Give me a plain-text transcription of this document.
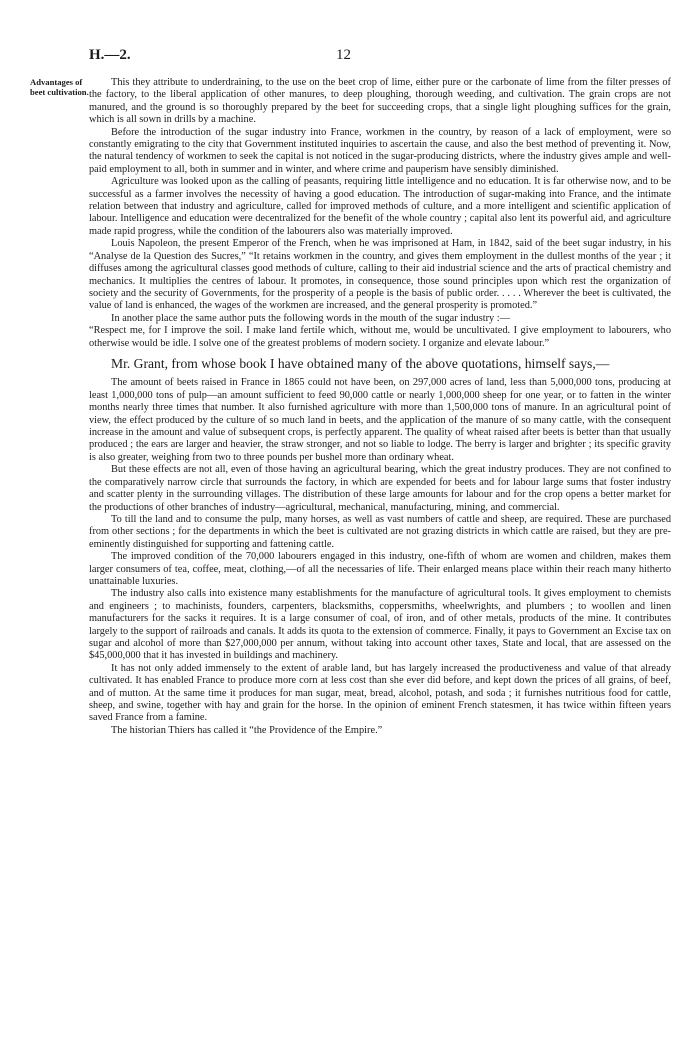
H.—2.	12
Advantages of
beet cultivation.

This they attribute to underdraining, to the use on the beet crop of lime, either pure or the carbonate of lime from the filter presses of the factory, to the liberal application of other manures, to deep ploughing, thorough weeding, and cultivation. The grain crops are not manured, and the ground is so thoroughly prepared by the beet for succeeding crops, that a single light ploughing suffices for the grain, which is all sown in drills by a machine.

Before the introduction of the sugar industry into France, workmen in the country, by reason of a lack of employment, were so constantly emigrating to the city that Government instituted inquiries to ascertain the cause, and also the best method of preventing it. Now, the natural tendency of workmen to seek the capital is not noticed in the sugar-producing districts, where the industry gives ample and well-paid employment to all, both in summer and in winter, and where crime and pauperism have sensibly diminished.

Agriculture was looked upon as the calling of peasants, requiring little intelligence and no education. It is far otherwise now, and to be successful as a farmer involves the necessity of having a good education. The introduction of sugar-making into France, and the intimate relation between that industry and agriculture, called for improved methods of culture, and a more intelligent and scientific application of labour. Intelligence and education were decentralized for the benefit of the whole country ; capital also lent its powerful aid, and agriculture made rapid progress, while the condition of the labourers also was materially improved.

Louis Napoleon, the present Emperor of the French, when he was imprisoned at Ham, in 1842, said of the beet sugar industry, in his “Analyse de la Question des Sucres,” “It retains workmen in the country, and gives them employment in the dullest months of the year ; it diffuses among the agricultural classes good methods of culture, calling to their aid industrial science and the arts of practical chemistry and mechanics. It multiplies the centres of labour. It promotes, in consequence, those sound principles upon which rest the organization of society and the security of Governments, for the prosperity of a people is the basis of public order. . . . . Wherever the beet is cultivated, the value of land is enhanced, the wages of the workmen are increased, and the general prosperity is promoted.”

In another place the same author puts the following words in the mouth of the sugar industry :—

“Respect me, for I improve the soil. I make land fertile which, without me, would be uncultivated. I give employment to labourers, who otherwise would be idle. I solve one of the greatest problems of modern society. I organize and elevate labour.”

Mr. Grant, from whose book I have obtained many of the above quotations, himself says,—

The amount of beets raised in France in 1865 could not have been, on 297,000 acres of land, less than 5,000,000 tons, producing at least 1,000,000 tons of pulp—an amount sufficient to feed 90,000 cattle or nearly 1,000,000 sheep for one year, or to fatten in the winter months nearly three times that number. It also furnished agriculture with more than 1,500,000 tons of manure. In an agricultural point of view, the effect produced by the culture of so much land in beets, and the application of the manure of so many cattle, with the consequent increase in the amount and value of subsequent crops, is perfectly apparent. The quality of wheat raised after beets is better than that usually produced ; the ears are larger and heavier, the straw stronger, and not so liable to lodge. The berry is larger and brighter ; its specific gravity is also greater, weighing from two to three pounds per bushel more than ordinary wheat.

But these effects are not all, even of those having an agricultural bearing, which the great industry produces. They are not confined to the comparatively narrow circle that surrounds the factory, in which are expended for beets and for labour large sums that foster industry and scatter plenty in the surrounding villages. The distribution of these large amounts for labour and for the crop opens a better market for the productions of other branches of industry—agricultural, mechanical, manufacturing, mining, and commercial.

To till the land and to consume the pulp, many horses, as well as vast numbers of cattle and sheep, are required. These are purchased from other sections ; for the departments in which the beet is cultivated are not grazing districts in which cattle are raised, but they are pre-eminently distinguished for supporting and fattening cattle.

The improved condition of the 70,000 labourers engaged in this industry, one-fifth of whom are women and children, makes them larger consumers of tea, coffee, meat, clothing,—of all the necessaries of life. Their enlarged means place within their reach many hitherto unattainable luxuries.

The industry also calls into existence many establishments for the manufacture of agricultural tools. It gives employment to chemists and engineers ; to machinists, founders, carpenters, blacksmiths, coppersmiths, wheelwrights, and plumbers ; to woollen and linen manufacturers for the sacks it requires. It is a large consumer of coal, of iron, and of other metals, products of the mine. It contributes largely to the support of railroads and canals. It adds its quota to the extension of commerce. Finally, it pays to Government an Excise tax on sugar and alcohol of more than $27,000,000 per annum, without taking into account other taxes, State and local, that are assessed on the $45,000,000 that it has invested in buildings and machinery.

It has not only added immensely to the extent of arable land, but has largely increased the productiveness and value of that already cultivated. It has enabled France to produce more corn at less cost than she ever did before, and kept down the prices of all grains, of beef, and of mutton. At the same time it produces for man sugar, meat, bread, alcohol, potash, and soda ; it furnishes nutritious food for cattle, sheep, and swine, together with hay and grain for the horse. In the opinion of eminent French statesmen, it has twice within fifteen years saved France from a famine.

The historian Thiers has called it “the Providence of the Empire.”
